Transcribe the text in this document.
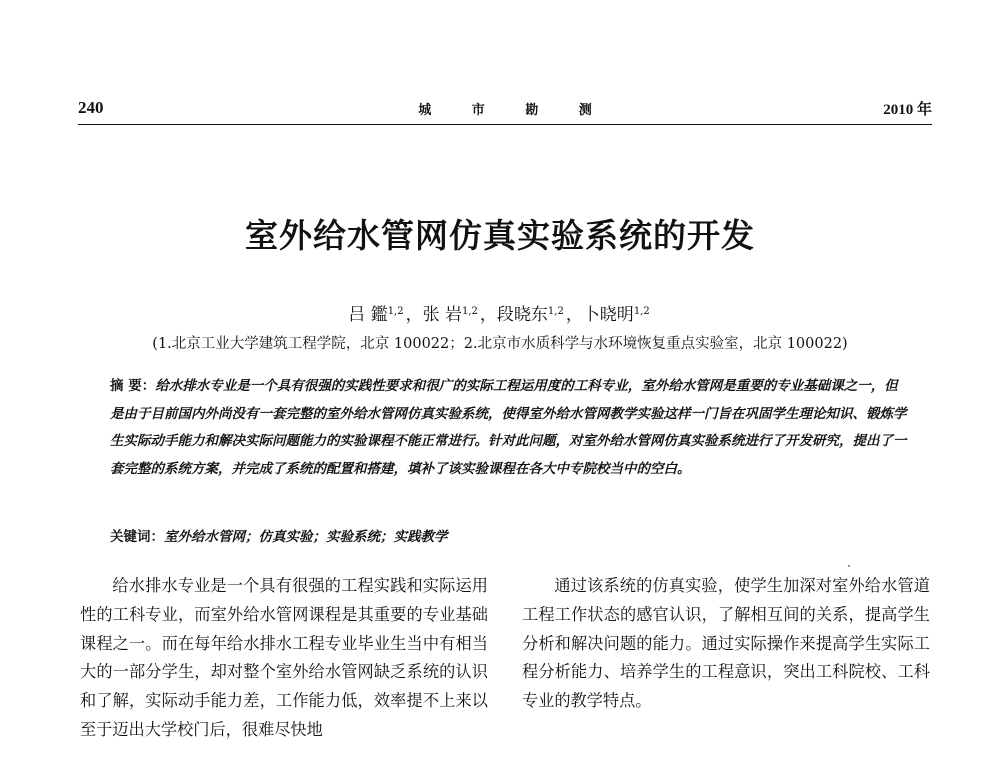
240	城 市 勘 测	2010 年
室外给水管网仿真实验系统的开发
吕 鑑$^{1,2}$ ，张 岩$^{1,2}$ ，段晓东$^{1,2}$ ，卜晓明$^{1,2}$
(1.北京工业大学建筑工程学院，北京 100022；2.北京市水质科学与水环境恢复重点实验室，北京 100022)
摘 要：给水排水专业是一个具有很强的实践性要求和很广的实际工程运用度的工科专业，室外给水管网是重要的专业基础课之一，但是由于目前国内外尚没有一套完整的室外给水管网仿真实验系统，使得室外给水管网教学实验这样一门旨在巩固学生理论知识、锻炼学生实际动手能力和解决实际问题能力的实验课程不能正常进行。针对此问题，对室外给水管网仿真实验系统进行了开发研究，提出了一套完整的系统方案，并完成了系统的配置和搭建，填补了该实验课程在各大中专院校当中的空白。
关键词：室外给水管网；仿真实验；实验系统；实践教学

给水排水专业是一个具有很强的工程实践和实际运用性的工科专业，而室外给水管网课程是其重要的专业基础课程之一。而在每年给水排水工程专业毕业生当中有相当大的一部分学生，却对整个室外给水管网缺乏系统的认识和了解，实际动手能力差，工作能力低，效率提不上来以至于迈出大学校门后，很难尽快地

通过该系统的仿真实验，使学生加深对室外给水管道工程工作状态的感官认识，了解相互间的关系，提高学生分析和解决问题的能力。通过实际操作来提高学生实际工程分析能力、培养学生的工程意识，突出工科院校、工科专业的教学特点。
